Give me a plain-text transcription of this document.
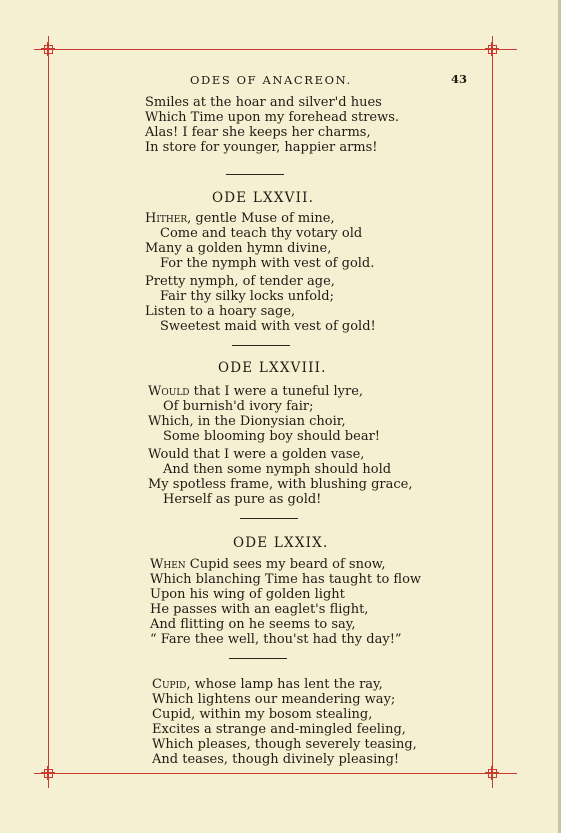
ODES OF ANACREON.	43
Smiles at the hoar and silver'd hues
Which Time upon my forehead strews.
Alas! I fear she keeps her charms,
In store for younger, happier arms!
ODE LXXVII.
Hither, gentle Muse of mine,
Come and teach thy votary old
Many a golden hymn divine,
For the nymph with vest of gold.
Pretty nymph, of tender age,
Fair thy silky locks unfold;
Listen to a hoary sage,
Sweetest maid with vest of gold!
ODE LXXVIII.
Would that I were a tuneful lyre,
Of burnish'd ivory fair;
Which, in the Dionysian choir,
Some blooming boy should bear!
Would that I were a golden vase,
And then some nymph should hold
My spotless frame, with blushing grace,
Herself as pure as gold!
ODE LXXIX.
When Cupid sees my beard of snow,
Which blanching Time has taught to flow
Upon his wing of golden light
He passes with an eaglet's flight,
And flitting on he seems to say,
“ Fare thee well, thou'st had thy day!”
Cupid, whose lamp has lent the ray,
Which lightens our meandering way;
Cupid, within my bosom stealing,
Excites a strange and-mingled feeling,
Which pleases, though severely teasing,
And teases, though divinely pleasing!
